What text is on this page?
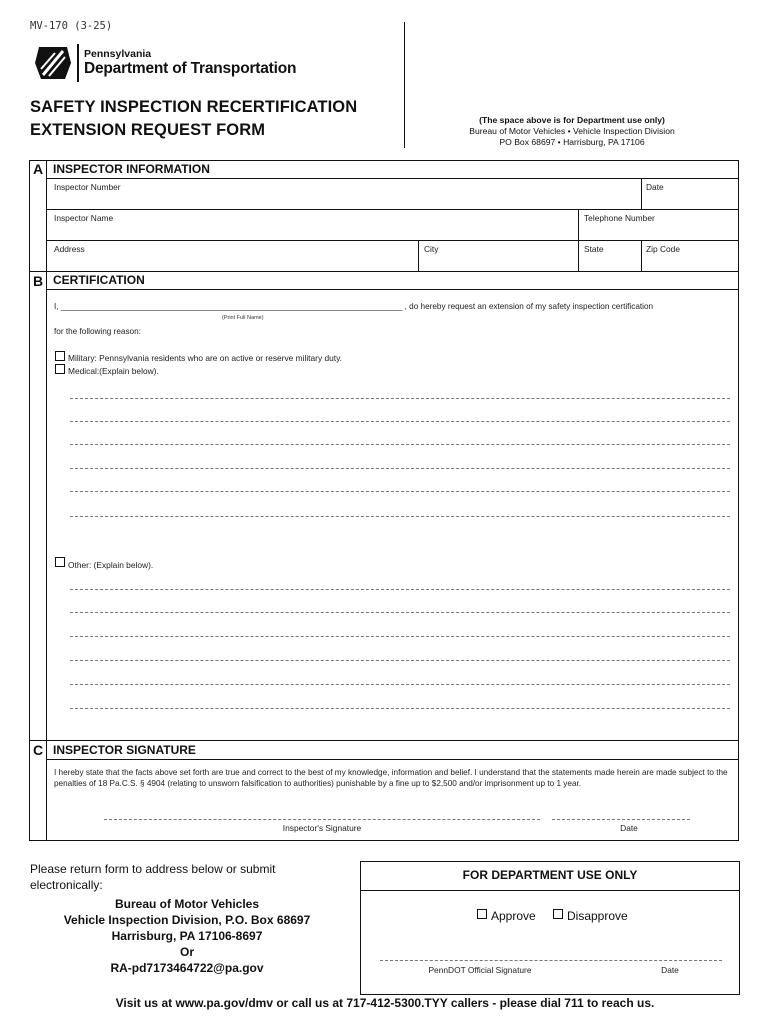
MV-170 (3-25)
Pennsylvania
Department of Transportation
SAFETY INSPECTION RECERTIFICATION
EXTENSION REQUEST FORM
(The space above is for Department use only)
Bureau of Motor Vehicles • Vehicle Inspection Division
PO Box 68697 • Harrisburg, PA 17106
A INSPECTOR INFORMATION
Inspector Number	Date
Inspector Name	Telephone Number
Address	City	State	Zip Code
B CERTIFICATION
I, ___________________________________________________________________________ , do hereby request an extension of my safety inspection certification
(Print Full Name)
for the following reason:
Military: Pennsylvania residents who are on active or reserve military duty.
Medical:(Explain below).
Other: (Explain below).
C INSPECTOR SIGNATURE
I hereby state that the facts above set forth are true and correct to the best of my knowledge, information and belief. I understand that the statements made herein are made subject to the penalties of 18 Pa.C.S. § 4904 (relating to unsworn falsification to authorities) punishable by a fine up to $2,500 and/or imprisonment up to 1 year.
Inspector's Signature	Date
Please return form to address below or submit electronically:
Bureau of Motor Vehicles
Vehicle Inspection Division, P.O. Box 68697
Harrisburg, PA 17106-8697
Or
RA-pd7173464722@pa.gov
FOR DEPARTMENT USE ONLY
Approve	Disapprove
PennDOT Official Signature	Date
Visit us at www.pa.gov/dmv or call us at 717-412-5300.TYY callers - please dial 711 to reach us.
